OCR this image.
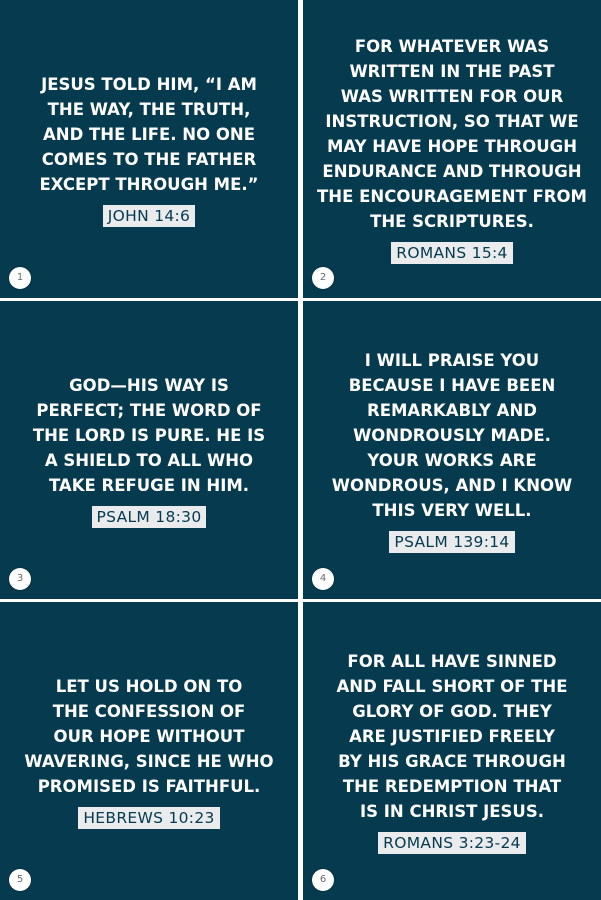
JESUS TOLD HIM, “I AM
THE WAY, THE TRUTH,
AND THE LIFE. NO ONE
COMES TO THE FATHER
EXCEPT THROUGH ME.”
JOHN 14:6
1
FOR WHATEVER WAS
WRITTEN IN THE PAST
WAS WRITTEN FOR OUR
INSTRUCTION, SO THAT WE
MAY HAVE HOPE THROUGH
ENDURANCE AND THROUGH
THE ENCOURAGEMENT FROM
THE SCRIPTURES.
ROMANS 15:4
2
GOD—HIS WAY IS
PERFECT; THE WORD OF
THE LORD IS PURE. HE IS
A SHIELD TO ALL WHO
TAKE REFUGE IN HIM.
PSALM 18:30
3
I WILL PRAISE YOU
BECAUSE I HAVE BEEN
REMARKABLY AND
WONDROUSLY MADE.
YOUR WORKS ARE
WONDROUS, AND I KNOW
THIS VERY WELL.
PSALM 139:14
4
LET US HOLD ON TO
THE CONFESSION OF
OUR HOPE WITHOUT
WAVERING, SINCE HE WHO
PROMISED IS FAITHFUL.
HEBREWS 10:23
5
FOR ALL HAVE SINNED
AND FALL SHORT OF THE
GLORY OF GOD. THEY
ARE JUSTIFIED FREELY
BY HIS GRACE THROUGH
THE REDEMPTION THAT
IS IN CHRIST JESUS.
ROMANS 3:23-24
6
